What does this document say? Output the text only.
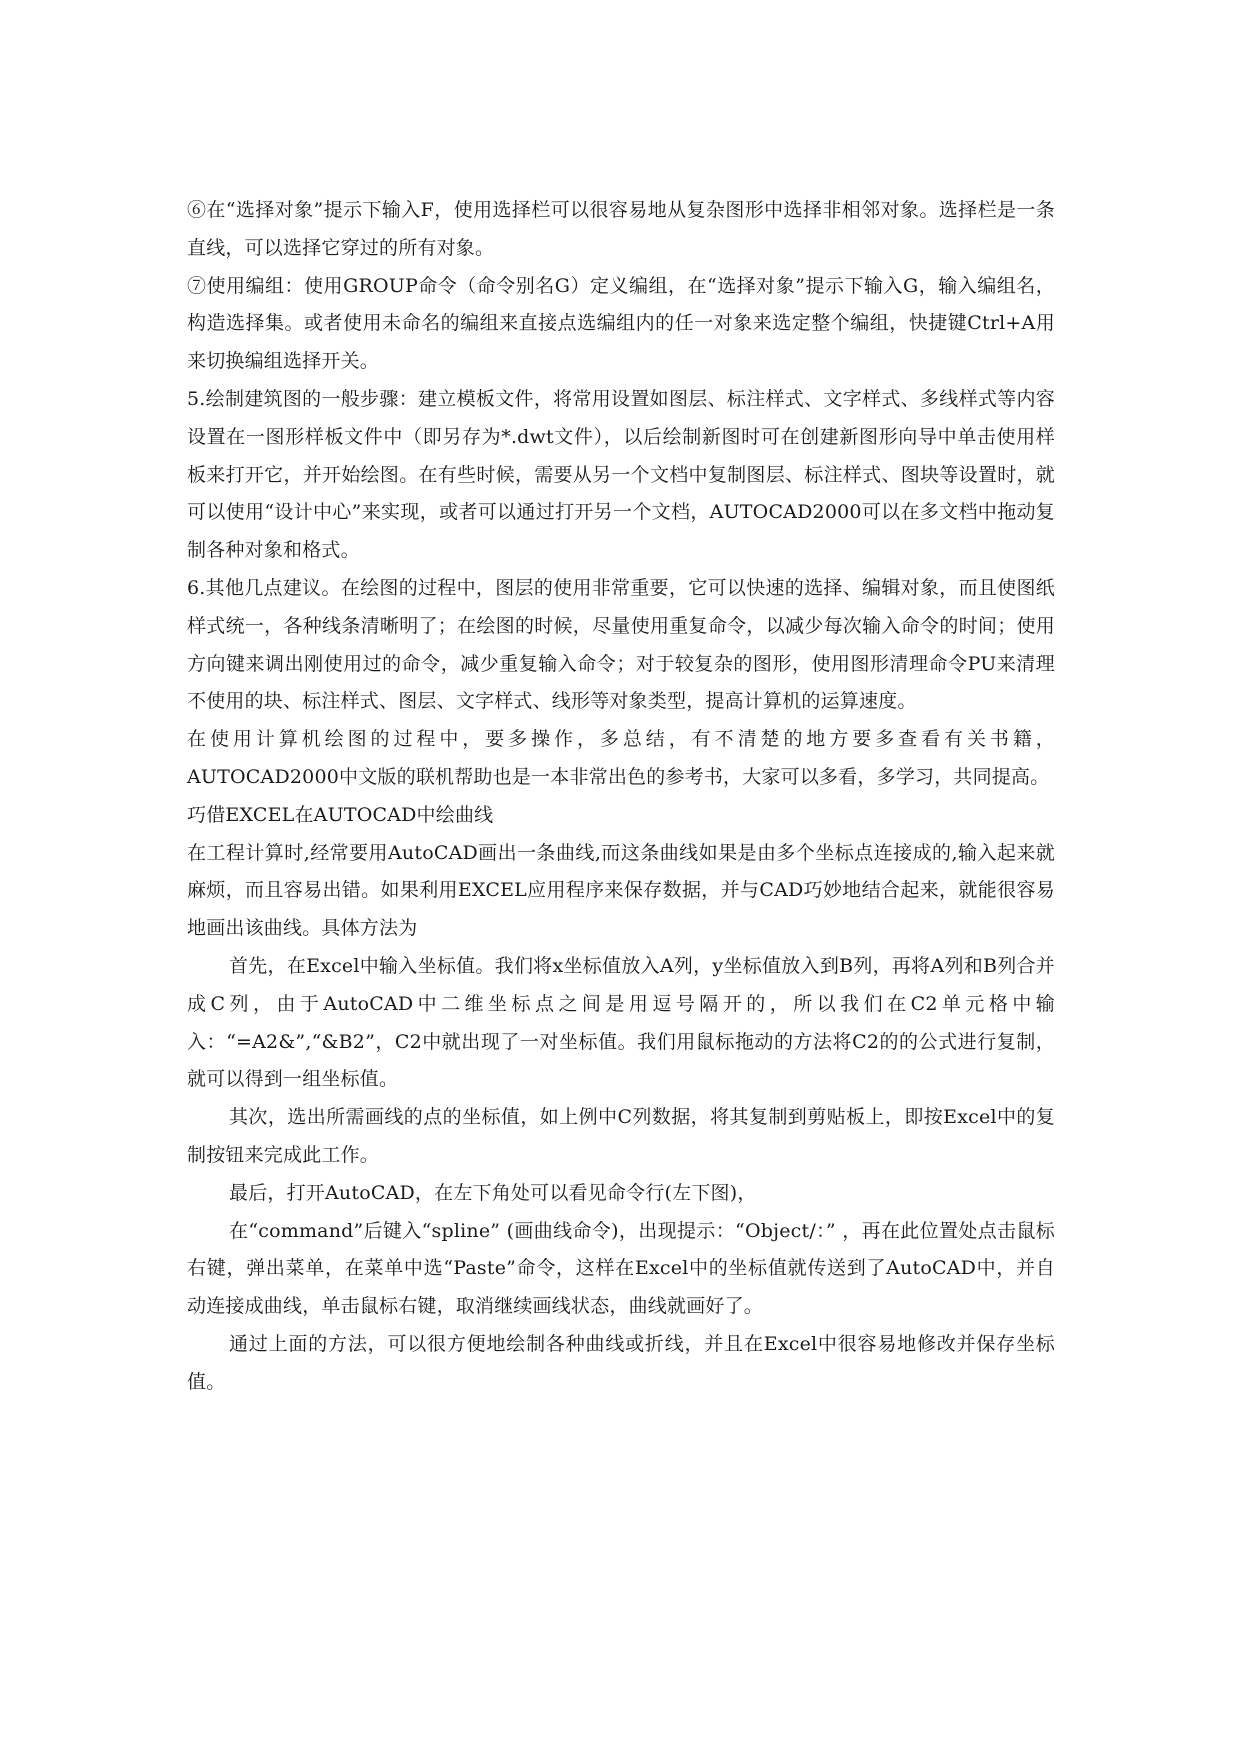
⑥在“选择对象”提示下输入F，使用选择栏可以很容易地从复杂图形中选择非相邻对象。选择栏是一条直线，可以选择它穿过的所有对象。

⑦使用编组：使用GROUP命令（命令别名G）定义编组，在“选择对象”提示下输入G，输入编组名，构造选择集。或者使用未命名的编组来直接点选编组内的任一对象来选定整个编组，快捷键Ctrl+A用来切换编组选择开关。

5.绘制建筑图的一般步骤：建立模板文件，将常用设置如图层、标注样式、文字样式、多线样式等内容设置在一图形样板文件中（即另存为*.dwt文件），以后绘制新图时可在创建新图形向导中单击使用样板来打开它，并开始绘图。在有些时候，需要从另一个文档中复制图层、标注样式、图块等设置时，就可以使用“设计中心”来实现，或者可以通过打开另一个文档，AUTOCAD2000可以在多文档中拖动复制各种对象和格式。

6.其他几点建议。在绘图的过程中，图层的使用非常重要，它可以快速的选择、编辑对象，而且使图纸样式统一，各种线条清晰明了；在绘图的时候，尽量使用重复命令，以减少每次输入命令的时间；使用方向键来调出刚使用过的命令，减少重复输入命令；对于较复杂的图形，使用图形清理命令PU来清理不使用的块、标注样式、图层、文字样式、线形等对象类型，提高计算机的运算速度。

在使用计算机绘图的过程中，要多操作，多总结，有不清楚的地方要多查看有关书籍，AUTOCAD2000中文版的联机帮助也是一本非常出色的参考书，大家可以多看，多学习，共同提高。

巧借EXCEL在AUTOCAD中绘曲线

在工程计算时,经常要用AutoCAD画出一条曲线,而这条曲线如果是由多个坐标点连接成的,输入起来就麻烦，而且容易出错。如果利用EXCEL应用程序来保存数据，并与CAD巧妙地结合起来，就能很容易地画出该曲线。具体方法为

首先，在Excel中输入坐标值。我们将x坐标值放入A列，y坐标值放入到B列，再将A列和B列合并成C列，由于AutoCAD中二维坐标点之间是用逗号隔开的，所以我们在C2单元格中输入：“=A2&”,“&B2”，C2中就出现了一对坐标值。我们用鼠标拖动的方法将C2的的公式进行复制，就可以得到一组坐标值。

其次，选出所需画线的点的坐标值，如上例中C列数据，将其复制到剪贴板上，即按Excel中的复制按钮来完成此工作。

最后，打开AutoCAD，在左下角处可以看见命令行(左下图)，

在“command”后键入“spline” (画曲线命令)，出现提示：“Object/：” ，再在此位置处点击鼠标右键，弹出菜单，在菜单中选“Paste”命令，这样在Excel中的坐标值就传送到了AutoCAD中，并自动连接成曲线，单击鼠标右键，取消继续画线状态，曲线就画好了。

通过上面的方法，可以很方便地绘制各种曲线或折线，并且在Excel中很容易地修改并保存坐标值。
